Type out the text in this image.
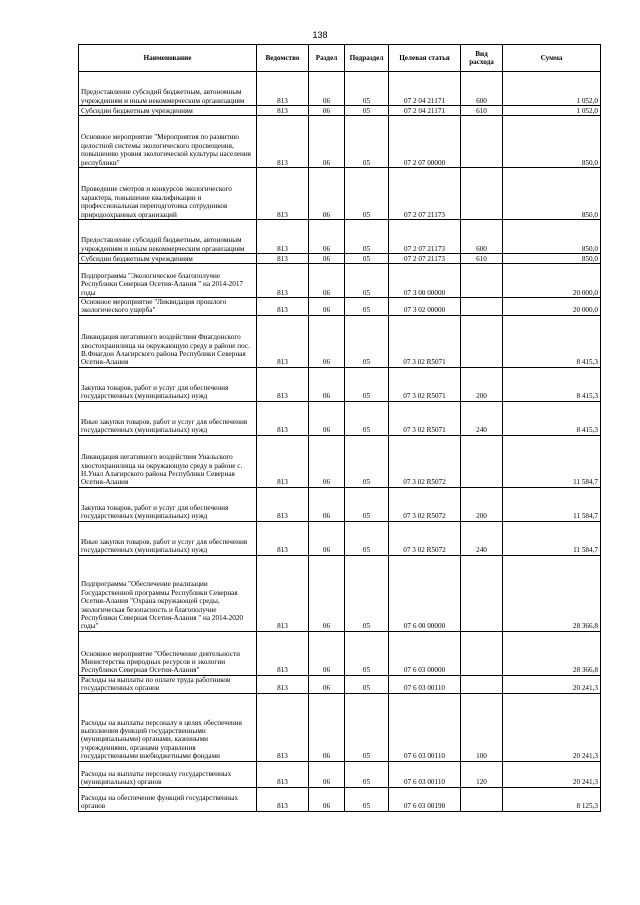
138
Наименование	Ведомство	Раздел	Подраздел	Целевая статья	Вид расхода	Сумма
Предоставление субсидий бюджетным, автономным учреждениям и иным некоммерческим организациям	813	06	05	07 2 04 21171	600	1 052,0
Субсидии бюджетным учреждениям	813	06	05	07 2 04 21171	610	1 052,0
Основное мероприятие "Мероприятия по развитию целостной системы экологического просвещения, повышению уровня экологической культуры населения республики"	813	06	05	07 2 07 00000		850,0
Проведение смотров и конкурсов экологического характера, повышение квалификации и профессиональная переподготовка сотрудников природоохранных организаций	813	06	05	07 2 07 21173		850,0
Предоставление субсидий бюджетным, автономным учреждениям и иным некоммерческим организациям	813	06	05	07 2 07 21173	600	850,0
Субсидии бюджетным учреждениям	813	06	05	07 2 07 21173	610	850,0
Подпрограмма "Экологическое благополучие Республики Северная Осетия-Алания " на 2014-2017 годы	813	06	05	07 3 00 00000		20 000,0
Основное мероприятие "Ликвидация прошлого экологического ущерба"	813	06	05	07 3 02 00000		20 000,0
Ликвидация негативного воздействия Фиагдонского хвостохранилища на окружающую среду в районе пос. В.Фиагдон Алагирского района Республики Северная Осетия-Алания	813	06	05	07 3 02 R5071		8 415,3
Закупка товаров, работ и услуг для обеспечения государственных (муниципальных) нужд	813	06	05	07 3 02 R5071	200	8 415,3
Иные закупки товаров, работ и услуг для обеспечения государственных (муниципальных) нужд	813	06	05	07 3 02 R5071	240	8 415,3
Ликвидация негативного воздействия Унальского хвостохранилища на окружающую среду в районе с. Н.Унал Алагирского района Республики Северная Осетия-Алания	813	06	05	07 3 02 R5072		11 584,7
Закупка товаров, работ и услуг для обеспечения государственных (муниципальных) нужд	813	06	05	07 3 02 R5072	200	11 584,7
Иные закупки товаров, работ и услуг для обеспечения государственных (муниципальных) нужд	813	06	05	07 3 02 R5072	240	11 584,7
Подпрограмма "Обеспечение реализации Государственной программы Республики Северная Осетия-Алания "Охрана окружающей среды, экологическая безопасность и благополучие Республики Северная Осетия-Алания " на 2014-2020 годы"	813	06	05	07 6 00 00000		28 366,8
Основное мероприятие "Обеспечение деятельности Министерства природных ресурсов и экологии Республики Северная Осетия-Алания"	813	06	05	07 6 03 00000		28 366,8
Расходы на выплаты по оплате труда работников государственных органов	813	06	05	07 6 03 00110		20 241,3
Расходы на выплаты персоналу в целях обеспечения выполнения функций государственными (муниципальными) органами, казенными учреждениями, органами управления государственными внебюджетными фондами	813	06	05	07 6 03 00110	100	20 241,3
Расходы на выплаты персоналу государственных (муниципальных) органов	813	06	05	07 6 03 00110	120	20 241,3
Расходы на обеспечение функций государственных органов	813	06	05	07 6 03 00190		8 125,3
